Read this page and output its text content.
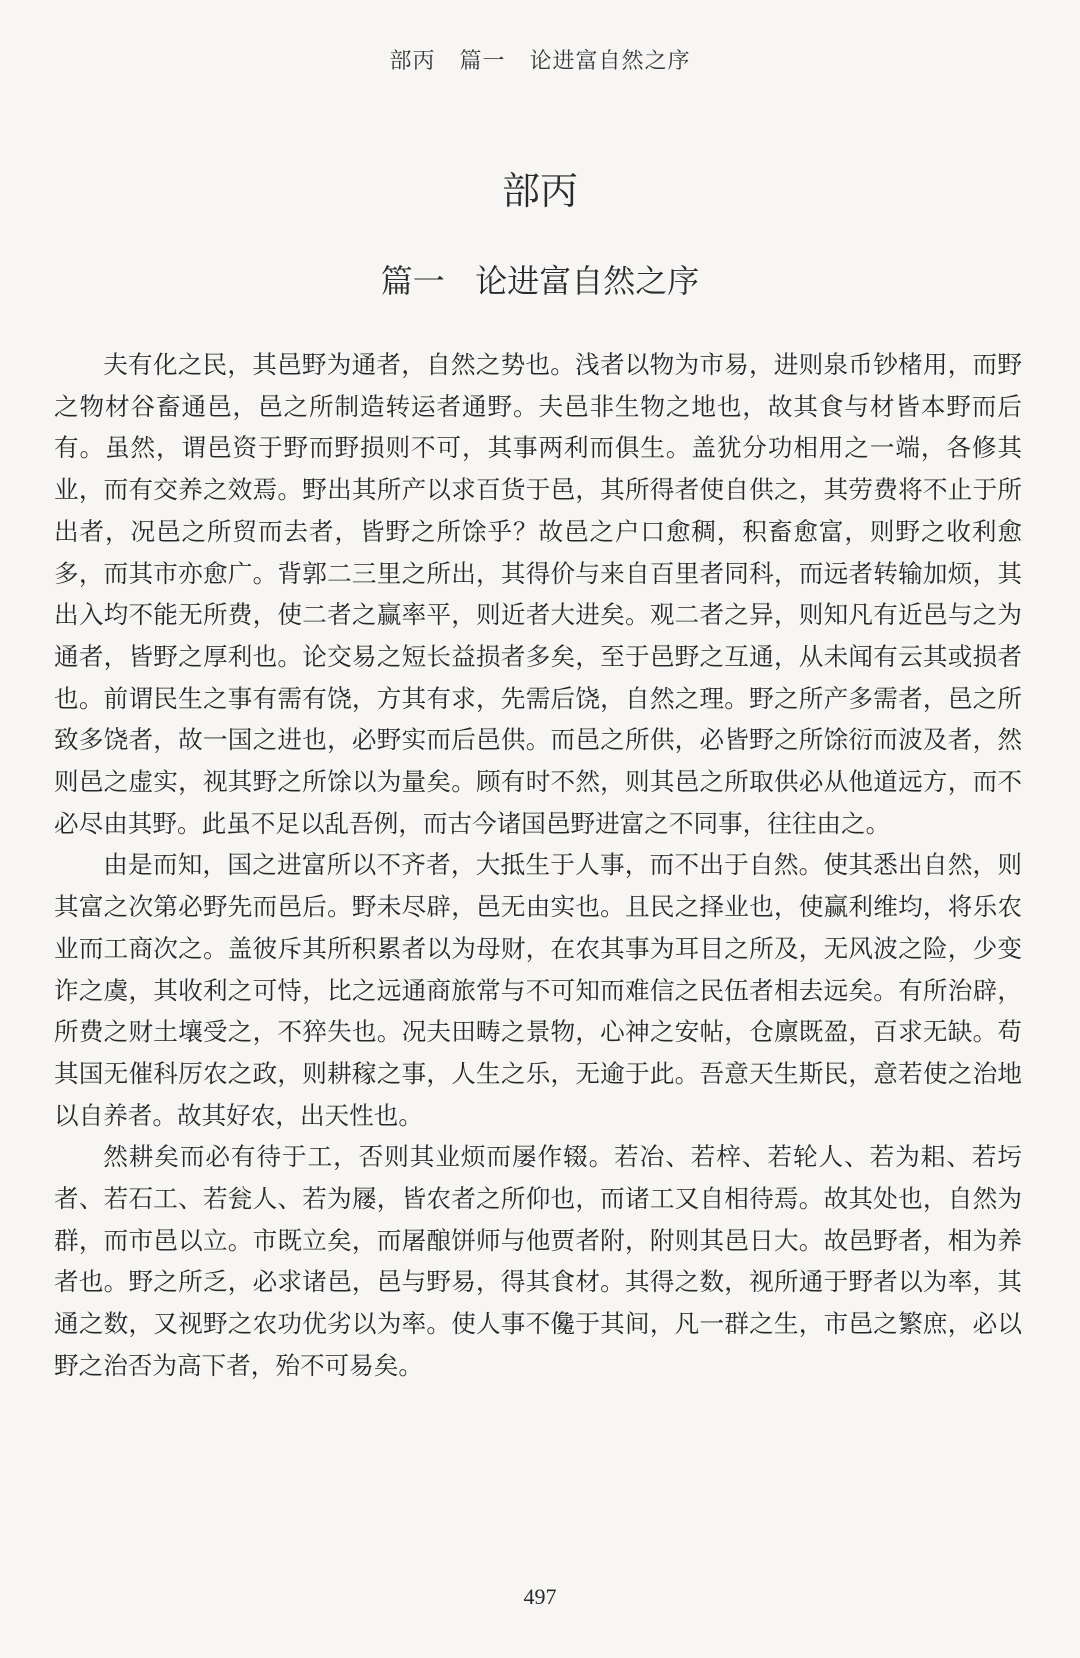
部丙   篇一   论进富自然之序
部丙
篇一   论进富自然之序

夫有化之民，其邑野为通者，自然之势也。浅者以物为市易，进则泉币钞楮用，而野之物材谷畜通邑，邑之所制造转运者通野。夫邑非生物之地也，故其食与材皆本野而后有。虽然，谓邑资于野而野损则不可，其事两利而俱生。盖犹分功相用之一端，各修其业，而有交养之效焉。野出其所产以求百货于邑，其所得者使自供之，其劳费将不止于所出者，况邑之所贸而去者，皆野之所馀乎？故邑之户口愈稠，积畜愈富，则野之收利愈多，而其市亦愈广。背郭二三里之所出，其得价与来自百里者同科，而远者转输加烦，其出入均不能无所费，使二者之赢率平，则近者大进矣。观二者之异，则知凡有近邑与之为通者，皆野之厚利也。论交易之短长益损者多矣，至于邑野之互通，从未闻有云其或损者也。前谓民生之事有需有饶，方其有求，先需后饶，自然之理。野之所产多需者，邑之所致多饶者，故一国之进也，必野实而后邑供。而邑之所供，必皆野之所馀衍而波及者，然则邑之虚实，视其野之所馀以为量矣。顾有时不然，则其邑之所取供必从他道远方，而不必尽由其野。此虽不足以乱吾例，而古今诸国邑野进富之不同事，往往由之。

由是而知，国之进富所以不齐者，大抵生于人事，而不出于自然。使其悉出自然，则其富之次第必野先而邑后。野未尽辟，邑无由实也。且民之择业也，使赢利维均，将乐农业而工商次之。盖彼斥其所积累者以为母财，在农其事为耳目之所及，无风波之险，少变诈之虞，其收利之可恃，比之远通商旅常与不可知而难信之民伍者相去远矣。有所治辟，所费之财土壤受之，不猝失也。况夫田畴之景物，心神之安帖，仓廪既盈，百求无缺。苟其国无催科厉农之政，则耕稼之事，人生之乐，无逾于此。吾意天生斯民，意若使之治地以自养者。故其好农，出天性也。

然耕矣而必有待于工，否则其业烦而屡作辍。若冶、若梓、若轮人、若为耜、若圬者、若石工、若瓮人、若为屦，皆农者之所仰也，而诸工又自相待焉。故其处也，自然为群，而市邑以立。市既立矣，而屠酿饼师与他贾者附，附则其邑日大。故邑野者，相为养者也。野之所乏，必求诸邑，邑与野易，得其食材。其得之数，视所通于野者以为率，其通之数，又视野之农功优劣以为率。使人事不儳于其间，凡一群之生，市邑之繁庶，必以野之治否为高下者，殆不可易矣。

497
